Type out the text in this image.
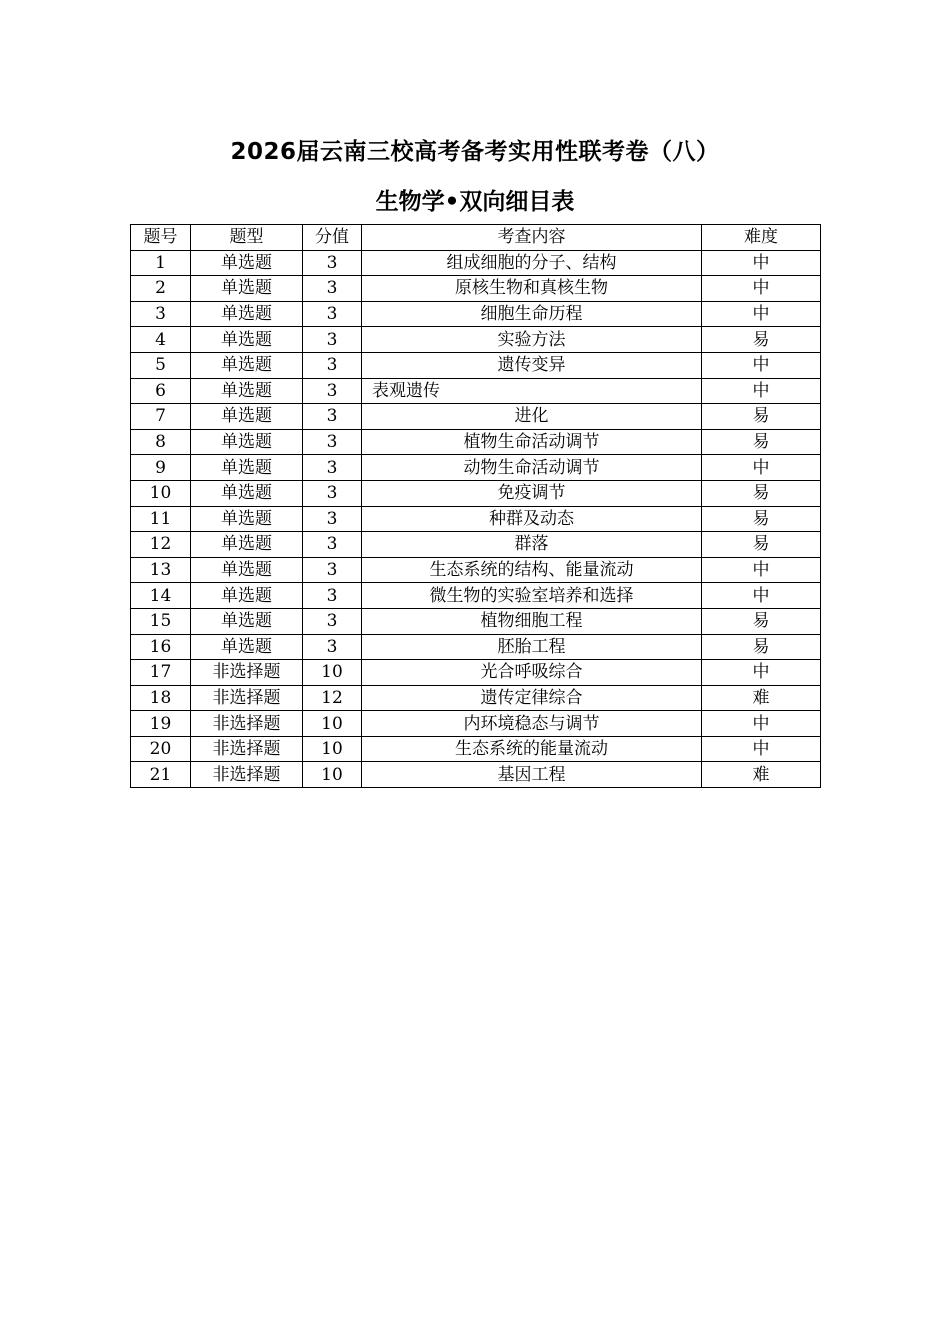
2026届云南三校高考备考实用性联考卷（八）
生物学•双向细目表
题号	题型	分值	考查内容	难度
1	单选题	3	组成细胞的分子、结构	中
2	单选题	3	原核生物和真核生物	中
3	单选题	3	细胞生命历程	中
4	单选题	3	实验方法	易
5	单选题	3	遗传变异	中
6	单选题	3	表观遗传	中
7	单选题	3	进化	易
8	单选题	3	植物生命活动调节	易
9	单选题	3	动物生命活动调节	中
10	单选题	3	免疫调节	易
11	单选题	3	种群及动态	易
12	单选题	3	群落	易
13	单选题	3	生态系统的结构、能量流动	中
14	单选题	3	微生物的实验室培养和选择	中
15	单选题	3	植物细胞工程	易
16	单选题	3	胚胎工程	易
17	非选择题	10	光合呼吸综合	中
18	非选择题	12	遗传定律综合	难
19	非选择题	10	内环境稳态与调节	中
20	非选择题	10	生态系统的能量流动	中
21	非选择题	10	基因工程	难
